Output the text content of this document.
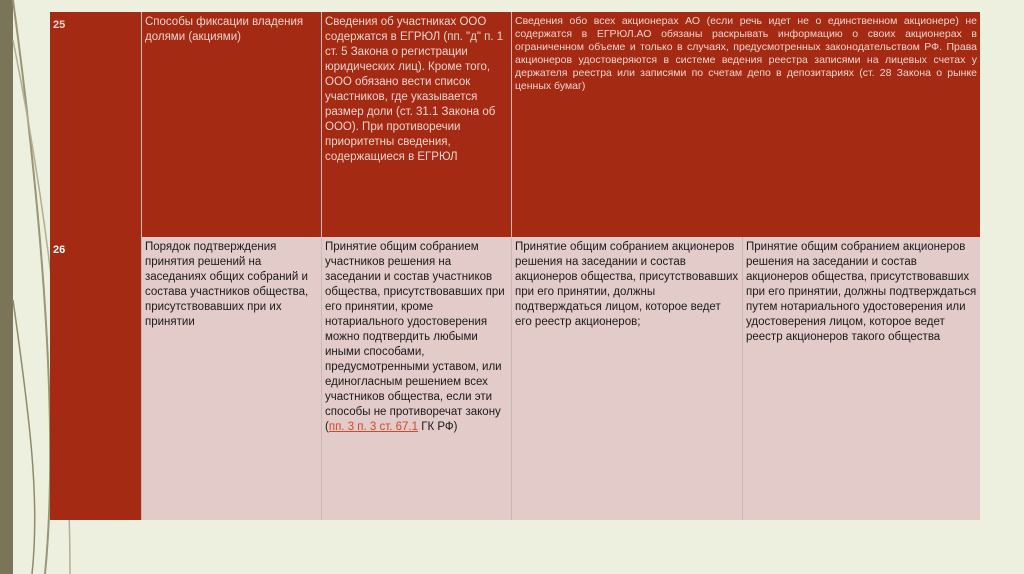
25	Способы фиксации владения долями (акциями)
Сведения об участниках ООО содержатся в ЕГРЮЛ (пп. "д" п. 1 ст. 5 Закона о регистрации юридических лиц). Кроме того, ООО обязано вести список участников, где указывается размер доли (ст. 31.1 Закона об ООО). При противоречии приоритетны сведения, содержащиеся в ЕГРЮЛ
Сведения обо всех акционерах АО (если речь идет не о единственном акционере) не содержатся в ЕГРЮЛ.АО обязаны раскрывать информацию о своих акционерах в ограниченном объеме и только в случаях, предусмотренных законодательством РФ. Права акционеров удостоверяются в системе ведения реестра записями на лицевых счетах у держателя реестра или записями по счетам депо в депозитариях (ст. 28 Закона о рынке ценных бумаг)
26	Порядок подтверждения принятия решений на заседаниях общих собраний и состава участников общества, присутствовавших при их принятии
Принятие общим собранием участников решения на заседании и состав участников общества, присутствовавших при его принятии, кроме нотариального удостоверения можно подтвердить любыми иными способами, предусмотренными уставом, или единогласным решением всех участников общества, если эти способы не противоречат закону (пп. 3 п. 3 ст. 67.1 ГК РФ)
Принятие общим собранием акционеров решения на заседании и состав акционеров общества, присутствовавших при его принятии, должны подтверждаться лицом, которое ведет его реестр акционеров;
Принятие общим собранием акционеров решения на заседании и состав акционеров общества, присутствовавших при его принятии, должны подтверждаться путем нотариального удостоверения или удостоверения лицом, которое ведет реестр акционеров такого общества
